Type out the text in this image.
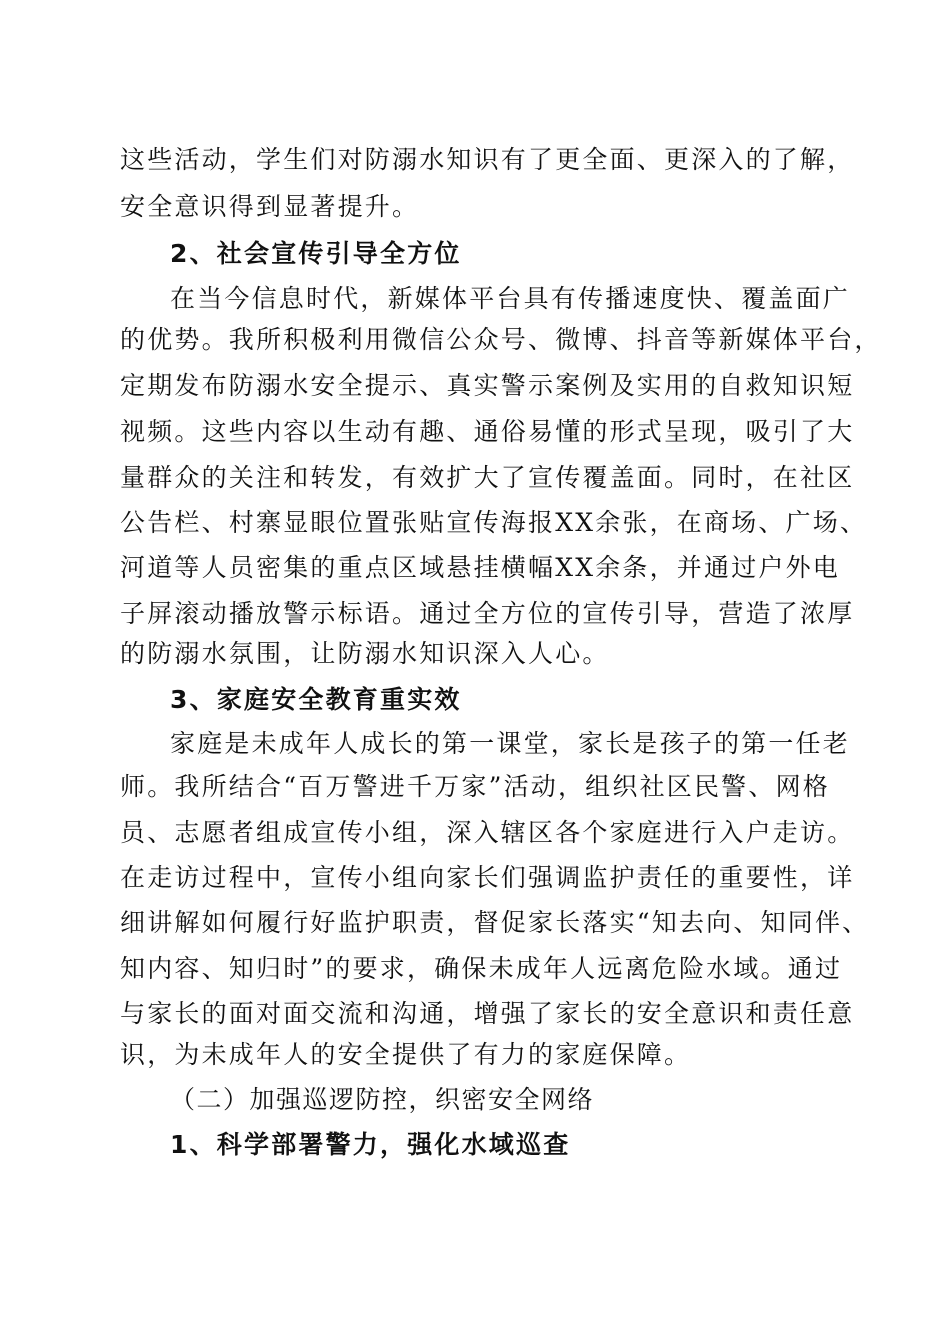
这些活动，学生们对防溺水知识有了更全面、更深入的了解，
安全意识得到显著提升。
2、社会宣传引导全方位
在当今信息时代，新媒体平台具有传播速度快、覆盖面广
的优势。我所积极利用微信公众号、微博、抖音等新媒体平台，
定期发布防溺水安全提示、真实警示案例及实用的自救知识短
视频。这些内容以生动有趣、通俗易懂的形式呈现，吸引了大
量群众的关注和转发，有效扩大了宣传覆盖面。同时，在社区
公告栏、村寨显眼位置张贴宣传海报XX余张，在商场、广场、
河道等人员密集的重点区域悬挂横幅XX余条，并通过户外电
子屏滚动播放警示标语。通过全方位的宣传引导，营造了浓厚
的防溺水氛围，让防溺水知识深入人心。
3、家庭安全教育重实效
家庭是未成年人成长的第一课堂，家长是孩子的第一任老
师。我所结合“百万警进千万家”活动，组织社区民警、网格
员、志愿者组成宣传小组，深入辖区各个家庭进行入户走访。
在走访过程中，宣传小组向家长们强调监护责任的重要性，详
细讲解如何履行好监护职责，督促家长落实“知去向、知同伴、
知内容、知归时”的要求，确保未成年人远离危险水域。通过
与家长的面对面交流和沟通，增强了家长的安全意识和责任意
识，为未成年人的安全提供了有力的家庭保障。
（二）加强巡逻防控，织密安全网络
1、科学部署警力，强化水域巡查
